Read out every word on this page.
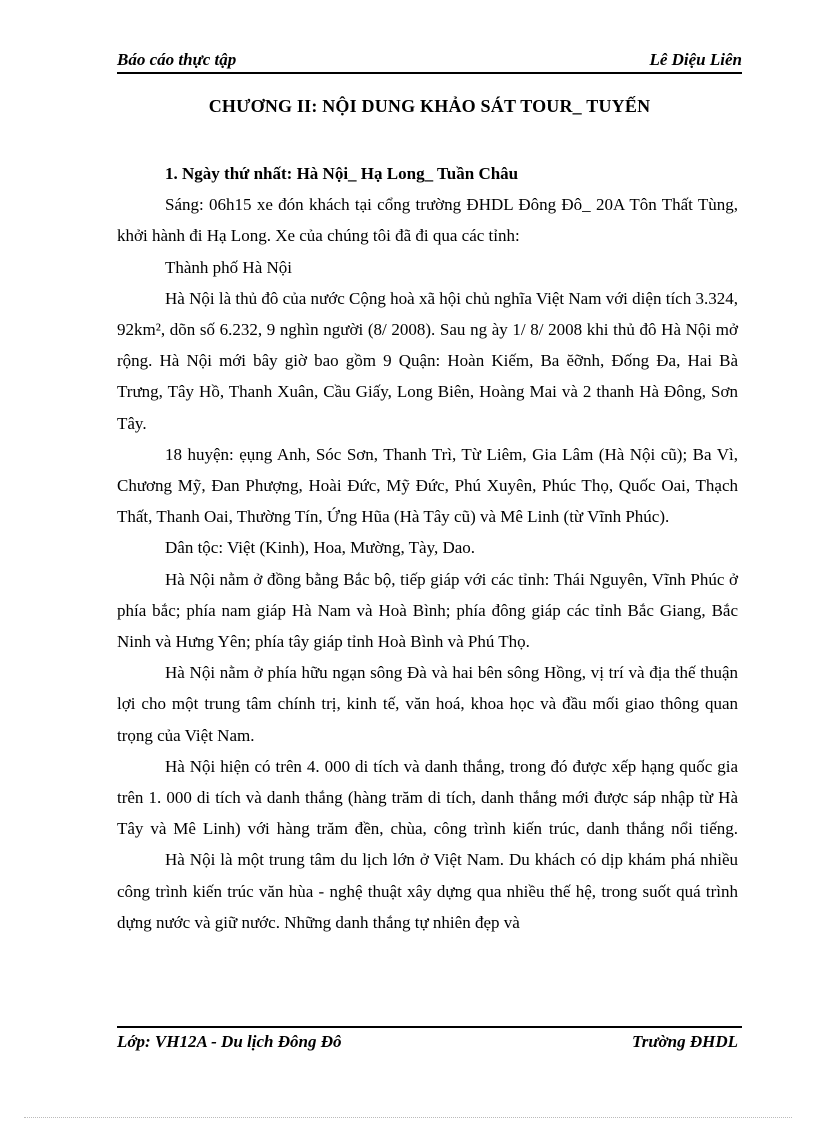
Báo cáo thực tập	Lê Diệu Liên
CHƯƠNG II: NỘI DUNG KHẢO SÁT TOUR_ TUYẾN
1. Ngày thứ nhất: Hà Nội_ Hạ Long_ Tuần Châu

Sáng: 06h15 xe đón khách tại cổng trường ĐHDL Đông Đô_ 20A Tôn Thất Tùng, khởi hành đi Hạ Long. Xe của chúng tôi đã đi qua các tỉnh:

Thành phố Hà Nội

Hà Nội là thủ đô của nước Cộng hoà xã hội chủ nghĩa Việt Nam với diện tích 3.324, 92km², dõn số 6.232, 9 nghìn người (8/ 2008). Sau ng ày 1/ 8/ 2008 khi thủ đô Hà Nội mở rộng. Hà Nội mới bây giờ bao gồm 9 Quận: Hoàn Kiếm, Ba ĕỡnh, Đống Đa, Hai Bà Trưng, Tây Hồ, Thanh Xuân, Cầu Giấy, Long Biên, Hoàng Mai và 2 thanh Hà Đông, Sơn Tây.

18 huyện: ẹụng Anh, Sóc Sơn, Thanh Trì, Từ Liêm, Gia Lâm (Hà Nội cũ); Ba Vì, Chương Mỹ, Đan Phượng, Hoài Đức, Mỹ Đức, Phú Xuyên, Phúc Thọ, Quốc Oai, Thạch Thất, Thanh Oai, Thường Tín, Ứng Hũa (Hà Tây cũ) và Mê Linh (từ Vĩnh Phúc).

Dân tộc: Việt (Kinh), Hoa, Mường, Tày, Dao.

Hà Nội nằm ở đồng bằng Bắc bộ, tiếp giáp với các tỉnh: Thái Nguyên, Vĩnh Phúc ở phía bắc; phía nam giáp Hà Nam và Hoà Bình; phía đông giáp các tỉnh Bắc Giang, Bắc Ninh và Hưng Yên; phía tây giáp tỉnh Hoà Bình và Phú Thọ.

Hà Nội nằm ở phía hữu ngạn sông Đà và hai bên sông Hồng, vị trí và địa thế thuận lợi cho một trung tâm chính trị, kinh tế, văn hoá, khoa học và đầu mối giao thông quan trọng của Việt Nam.

Hà Nội hiện có trên 4. 000 di tích và danh thắng, trong đó được xếp hạng quốc gia trên 1. 000 di tích và danh thắng (hàng trăm di tích, danh thắng mới được sáp nhập từ Hà Tây và Mê Linh) với hàng trăm đền, chùa, công trình kiến trúc, danh thắng nổi tiếng.

Hà Nội là một trung tâm du lịch lớn ở Việt Nam. Du khách có dịp khám phá nhiều công trình kiến trúc văn hùa - nghệ thuật xây dựng qua nhiều thế hệ, trong suốt quá trình dựng nước và giữ nước. Những danh thắng tự nhiên đẹp và

Lớp: VH12A - Du lịch Đông Đô	Trường ĐHDL
